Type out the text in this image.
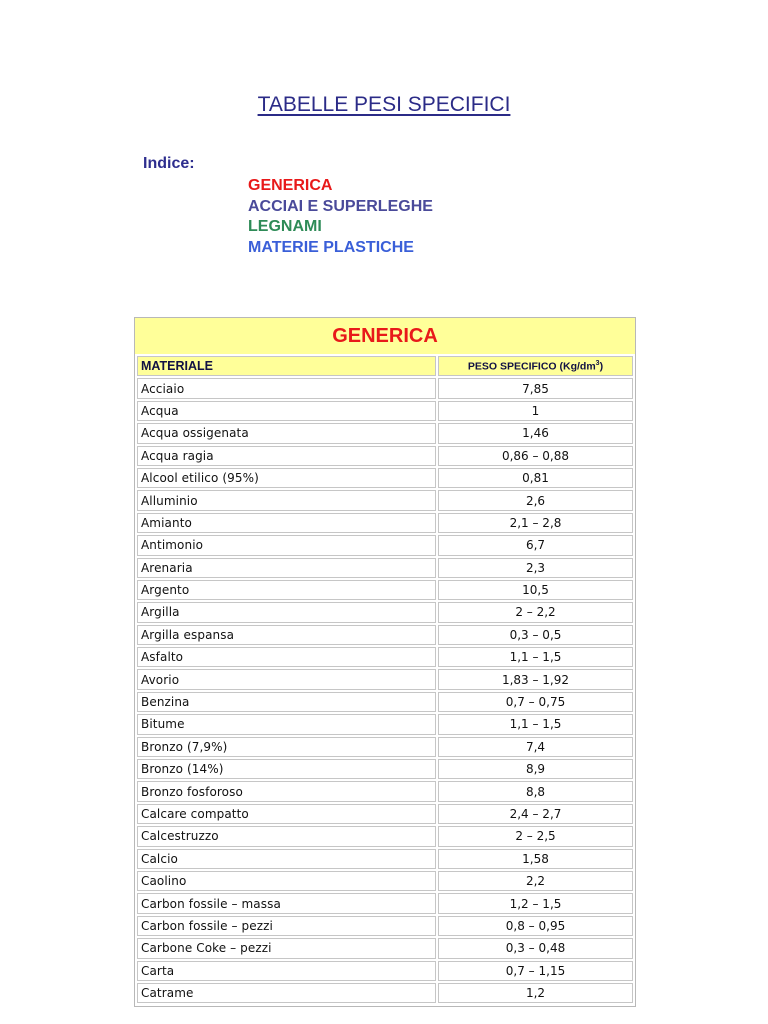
TABELLE PESI SPECIFICI
Indice:
GENERICA
ACCIAI E SUPERLEGHE
LEGNAMI
MATERIE PLASTICHE
GENERICA
MATERIALE	PESO SPECIFICO $(Kg/dm^3)$
Acciaio	7,85
Acqua	1
Acqua ossigenata	1,46
Acqua ragia	0,86 – 0,88
Alcool etilico (95%)	0,81
Alluminio	2,6
Amianto	2,1 – 2,8
Antimonio	6,7
Arenaria	2,3
Argento	10,5
Argilla	2 – 2,2
Argilla espansa	0,3 – 0,5
Asfalto	1,1 – 1,5
Avorio	1,83 – 1,92
Benzina	0,7 – 0,75
Bitume	1,1 – 1,5
Bronzo (7,9%)	7,4
Bronzo (14%)	8,9
Bronzo fosforoso	8,8
Calcare compatto	2,4 – 2,7
Calcestruzzo	2 – 2,5
Calcio	1,58
Caolino	2,2
Carbon fossile – massa	1,2 – 1,5
Carbon fossile – pezzi	0,8 – 0,95
Carbone Coke – pezzi	0,3 – 0,48
Carta	0,7 – 1,15
Catrame	1,2
